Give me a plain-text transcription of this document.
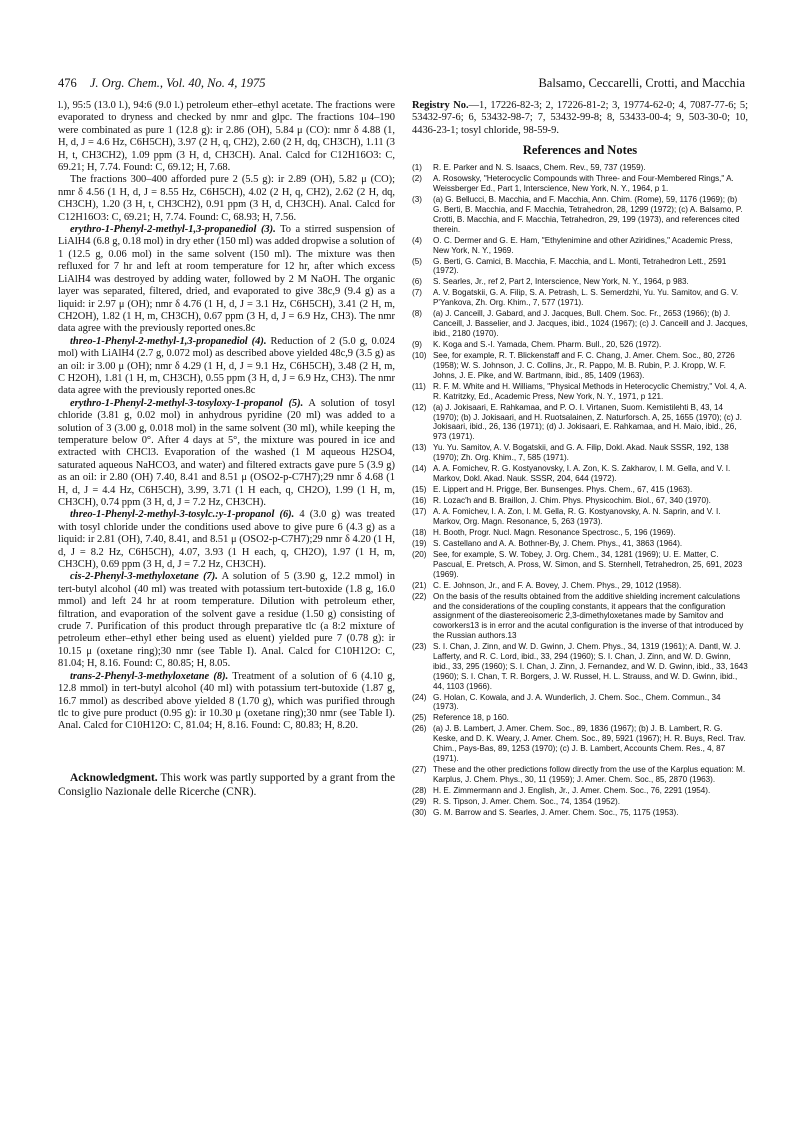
476 J. Org. Chem., Vol. 40, No. 4, 1975	Balsamo, Ceccarelli, Crotti, and Macchia

l.), 95:5 (13.0 l.), 94:6 (9.0 l.) petroleum ether–ethyl acetate. The fractions were evaporated to dryness and checked by nmr and glpc. The fractions 104–190 were combinated as pure 1 (12.8 g): ir 2.86 (OH), 5.84 μ (CO): nmr δ 4.88 (1, H, d, J = 4.6 Hz, C6H5CH), 3.97 (2 H, q, CH2), 2.60 (2 H, dq, CH3CH), 1.11 (3 H, t, CH3CH2), 1.09 ppm (3 H, d, CH3CH). Anal. Calcd for C12H16O3: C, 69.21; H, 7.74. Found: C, 69.12; H, 7.68.

The fractions 300–400 afforded pure 2 (5.5 g): ir 2.89 (OH), 5.82 μ (CO); nmr δ 4.56 (1 H, d, J = 8.55 Hz, C6H5CH), 4.02 (2 H, q, CH2), 2.62 (2 H, dq, CH3CH), 1.20 (3 H, t, CH3CH2), 0.91 ppm (3 H, d, CH3CH). Anal. Calcd for C12H16O3: C, 69.21; H, 7.74. Found: C, 68.93; H, 7.56.

erythro-1-Phenyl-2-methyl-1,3-propanediol (3). To a stirred suspension of LiAlH4 (6.8 g, 0.18 mol) in dry ether (150 ml) was added dropwise a solution of 1 (12.5 g, 0.06 mol) in the same solvent (150 ml). The mixture was then refluxed for 7 hr and left at room temperature for 12 hr, after which excess LiAlH4 was destroyed by adding water, followed by 2 M NaOH. The organic layer was separated, filtered, dried, and evaporated to give 38c,9 (9.4 g) as a liquid: ir 2.97 μ (OH); nmr δ 4.76 (1 H, d, J = 3.1 Hz, C6H5CH), 3.41 (2 H, m, CH2OH), 1.82 (1 H, m, CH3CH), 0.67 ppm (3 H, d, J = 6.9 Hz, CH3). The nmr data agree with the previously reported ones.8c

threo-1-Phenyl-2-methyl-1,3-propanediol (4). Reduction of 2 (5.0 g, 0.024 mol) with LiAlH4 (2.7 g, 0.072 mol) as described above yielded 48c,9 (3.5 g) as an oil: ir 3.00 μ (OH); nmr δ 4.29 (1 H, d, J = 9.1 Hz, C6H5CH), 3.48 (2 H, m, C H2OH), 1.81 (1 H, m, CH3CH), 0.55 ppm (3 H, d, J = 6.9 Hz, CH3). The nmr data agree with the previously reported ones.8c

erythro-1-Phenyl-2-methyl-3-tosyloxy-1-propanol (5). A solution of tosyl chloride (3.81 g, 0.02 mol) in anhydrous pyridine (20 ml) was added to a solution of 3 (3.00 g, 0.018 mol) in the same solvent (30 ml), while keeping the temperature below 0°. After 4 days at 5°, the mixture was poured in ice and extracted with CHCl3. Evaporation of the washed (1 M aqueous H2SO4, saturated aqueous NaHCO3, and water) and filtered extracts gave pure 5 (3.9 g) as an oil: ir 2.80 (OH) 7.40, 8.41 and 8.51 μ (OSO2-p-C7H7);29 nmr δ 4.68 (1 H, d, J = 4.4 Hz, C6H5CH), 3.99, 3.71 (1 H each, q, CH2O), 1.99 (1 H, m, CH3CH), 0.74 ppm (3 H, d, J = 7.2 Hz, CH3CH).

threo-1-Phenyl-2-methyl-3-tosylc.:y-1-propanol (6). 4 (3.0 g) was treated with tosyl chloride under the conditions used above to give pure 6 (4.3 g) as a liquid: ir 2.81 (OH), 7.40, 8.41, and 8.51 μ (OSO2-p-C7H7);29 nmr δ 4.20 (1 H, d, J = 8.2 Hz, C6H5CH), 4.07, 3.93 (1 H each, q, CH2O), 1.97 (1 H, m, CH3CH), 0.69 ppm (3 H, d, J = 7.2 Hz, CH3CH).

cis-2-Phenyl-3-methyloxetane (7). A solution of 5 (3.90 g, 12.2 mmol) in tert-butyl alcohol (40 ml) was treated with potassium tert-butoxide (1.8 g, 16.0 mmol) and left 24 hr at room temperature. Dilution with petroleum ether, filtration, and evaporation of the solvent gave a residue (1.50 g) consisting of crude 7. Purification of this product through preparative tlc (a 8:2 mixture of petroleum ether–ethyl ether being used as eluent) yielded pure 7 (0.78 g): ir 10.15 μ (oxetane ring);30 nmr (see Table I). Anal. Calcd for C10H12O: C, 81.04; H, 8.16. Found: C, 80.85; H, 8.05.

trans-2-Phenyl-3-methyloxetane (8). Treatment of a solution of 6 (4.10 g, 12.8 mmol) in tert-butyl alcohol (40 ml) with potassium tert-butoxide (1.87 g, 16.7 mmol) as described above yielded 8 (1.70 g), which was purified through tlc to give pure product (0.95 g): ir 10.30 μ (oxetane ring);30 nmr (see Table I). Anal. Calcd for C10H12O: C, 81.04; H, 8.16. Found: C, 80.83; H, 8.20.

Acknowledgment. This work was partly supported by a grant from the Consiglio Nazionale delle Ricerche (CNR).

Registry No.—1, 17226-82-3; 2, 17226-81-2; 3, 19774-62-0; 4, 7087-77-6; 5; 53432-97-6; 6, 53432-98-7; 7, 53432-99-8; 8, 53433-00-4; 9, 503-30-0; 10, 4436-23-1; tosyl chloride, 98-59-9.

References and Notes
(1) R. E. Parker and N. S. Isaacs, Chem. Rev., 59, 737 (1959).
(2) A. Rosowsky, "Heterocyclic Compounds with Three- and Four-Membered Rings," A. Weissberger Ed., Part 1, Interscience, New York, N. Y., 1964, p 1.
(3) (a) G. Bellucci, B. Macchia, and F. Macchia, Ann. Chim. (Rome), 59, 1176 (1969); (b) G. Berti, B. Macchia, and F. Macchia, Tetrahedron, 28, 1299 (1972); (c) A. Balsamo, P. Crotti, B. Macchia, and F. Macchia, Tetrahedron, 29, 199 (1973), and references cited therein.
(4) O. C. Dermer and G. E. Ham, "Ethylenimine and other Aziridines," Academic Press, New York, N. Y., 1969.
(5) G. Berti, G. Camici, B. Macchia, F. Macchia, and L. Monti, Tetrahedron Lett., 2591 (1972).
(6) S. Searles, Jr., ref 2, Part 2, Interscience, New York, N. Y., 1964, p 983.
(7) A. V. Bogatskii, G. A. Filip, S. A. Petrash, L. S. Semerdzhi, Yu. Yu. Samitov, and G. V. P'Yankova, Zh. Org. Khim., 7, 577 (1971).
(8) (a) J. Canceill, J. Gabard, and J. Jacques, Bull. Chem. Soc. Fr., 2653 (1966); (b) J. Canceill, J. Basselier, and J. Jacques, ibid., 1024 (1967); (c) J. Canceill and J. Jacques, ibid., 2180 (1970).
(9) K. Koga and S.-I. Yamada, Chem. Pharm. Bull., 20, 526 (1972).
(10) See, for example, R. T. Blickenstaff and F. C. Chang, J. Amer. Chem. Soc., 80, 2726 (1958); W. S. Johnson, J. C. Collins, Jr., R. Pappo, M. B. Rubin, P. J. Kropp, W. F. Johns, J. E. Pike, and W. Bartmann, ibid., 85, 1409 (1963).
(11) R. F. M. White and H. Williams, "Physical Methods in Heterocyclic Chemistry," Vol. 4, A. R. Katritzky, Ed., Academic Press, New York, N. Y., 1971, p 121.
(12) (a) J. Jokisaari, E. Rahkamaa, and P. O. I. Virtanen, Suom. Kemistilehti B, 43, 14 (1970); (b) J. Jokisaari, and H. Ruotsalainen, Z. Naturforsch. A, 25, 1655 (1970); (c) J. Jokisaari, ibid., 26, 136 (1971); (d) J. Jokisaari, E. Rahkamaa, and H. Maio, ibid., 26, 973 (1971).
(13) Yu. Yu. Samitov, A. V. Bogatskii, and G. A. Filip, Dokl. Akad. Nauk SSSR, 192, 138 (1970); Zh. Org. Khim., 7, 585 (1971).
(14) A. A. Fomichev, R. G. Kostyanovsky, I. A. Zon, K. S. Zakharov, I. M. Gella, and V. I. Markov, Dokl. Akad. Nauk. SSSR, 204, 644 (1972).
(15) E. Lippert and H. Prigge, Ber. Bunsenges. Phys. Chem., 67, 415 (1963).
(16) R. Lozac'h and B. Braillon, J. Chim. Phys. Physicochim. Biol., 67, 340 (1970).
(17) A. A. Fomichev, I. A. Zon, I. M. Gella, R. G. Kostyanovsky, A. N. Saprin, and V. I. Markov, Org. Magn. Resonance, 5, 263 (1973).
(18) H. Booth, Progr. Nucl. Magn. Resonance Spectrosc., 5, 196 (1969).
(19) S. Castellano and A. A. Bothner-By, J. Chem. Phys., 41, 3863 (1964).
(20) See, for example, S. W. Tobey, J. Org. Chem., 34, 1281 (1969); U. E. Matter, C. Pascual, E. Pretsch, A. Pross, W. Simon, and S. Sternhell, Tetrahedron, 25, 691, 2023 (1969).
(21) C. E. Johnson, Jr., and F. A. Bovey, J. Chem. Phys., 29, 1012 (1958).
(22) On the basis of the results obtained from the additive shielding increment calculations and the considerations of the coupling constants, it appears that the configuration assignment of the diastereoisomeric 2,3-dimethyloxetanes made by Samitov and coworkers13 is in error and the acutal configuration is the inverse of that introduced by the Russian authors.13
(23) S. I. Chan, J. Zinn, and W. D. Gwinn, J. Chem. Phys., 34, 1319 (1961); A. Dantl, W. J. Lafferty, and R. C. Lord, ibid., 33, 294 (1960); S. I. Chan, J. Zinn, and W. D. Gwinn, ibid., 33, 295 (1960); S. I. Chan, J. Zinn, J. Fernandez, and W. D. Gwinn, ibid., 33, 1643 (1960); S. I. Chan, T. R. Borgers, J. W. Russel, H. L. Strauss, and W. D. Gwinn, ibid., 44, 1103 (1966).
(24) G. Holan, C. Kowala, and J. A. Wunderlich, J. Chem. Soc., Chem. Commun., 34 (1973).
(25) Reference 18, p 160.
(26) (a) J. B. Lambert, J. Amer. Chem. Soc., 89, 1836 (1967); (b) J. B. Lambert, R. G. Keske, and D. K. Weary, J. Amer. Chem. Soc., 89, 5921 (1967); H. R. Buys, Recl. Trav. Chim., Pays-Bas, 89, 1253 (1970); (c) J. B. Lambert, Accounts Chem. Res., 4, 87 (1971).
(27) These and the other predictions follow directly from the use of the Karplus equation: M. Karplus, J. Chem. Phys., 30, 11 (1959); J. Amer. Chem. Soc., 85, 2870 (1963).
(28) H. E. Zimmermann and J. English, Jr., J. Amer. Chem. Soc., 76, 2291 (1954).
(29) R. S. Tipson, J. Amer. Chem. Soc., 74, 1354 (1952).
(30) G. M. Barrow and S. Searles, J. Amer. Chem. Soc., 75, 1175 (1953).
